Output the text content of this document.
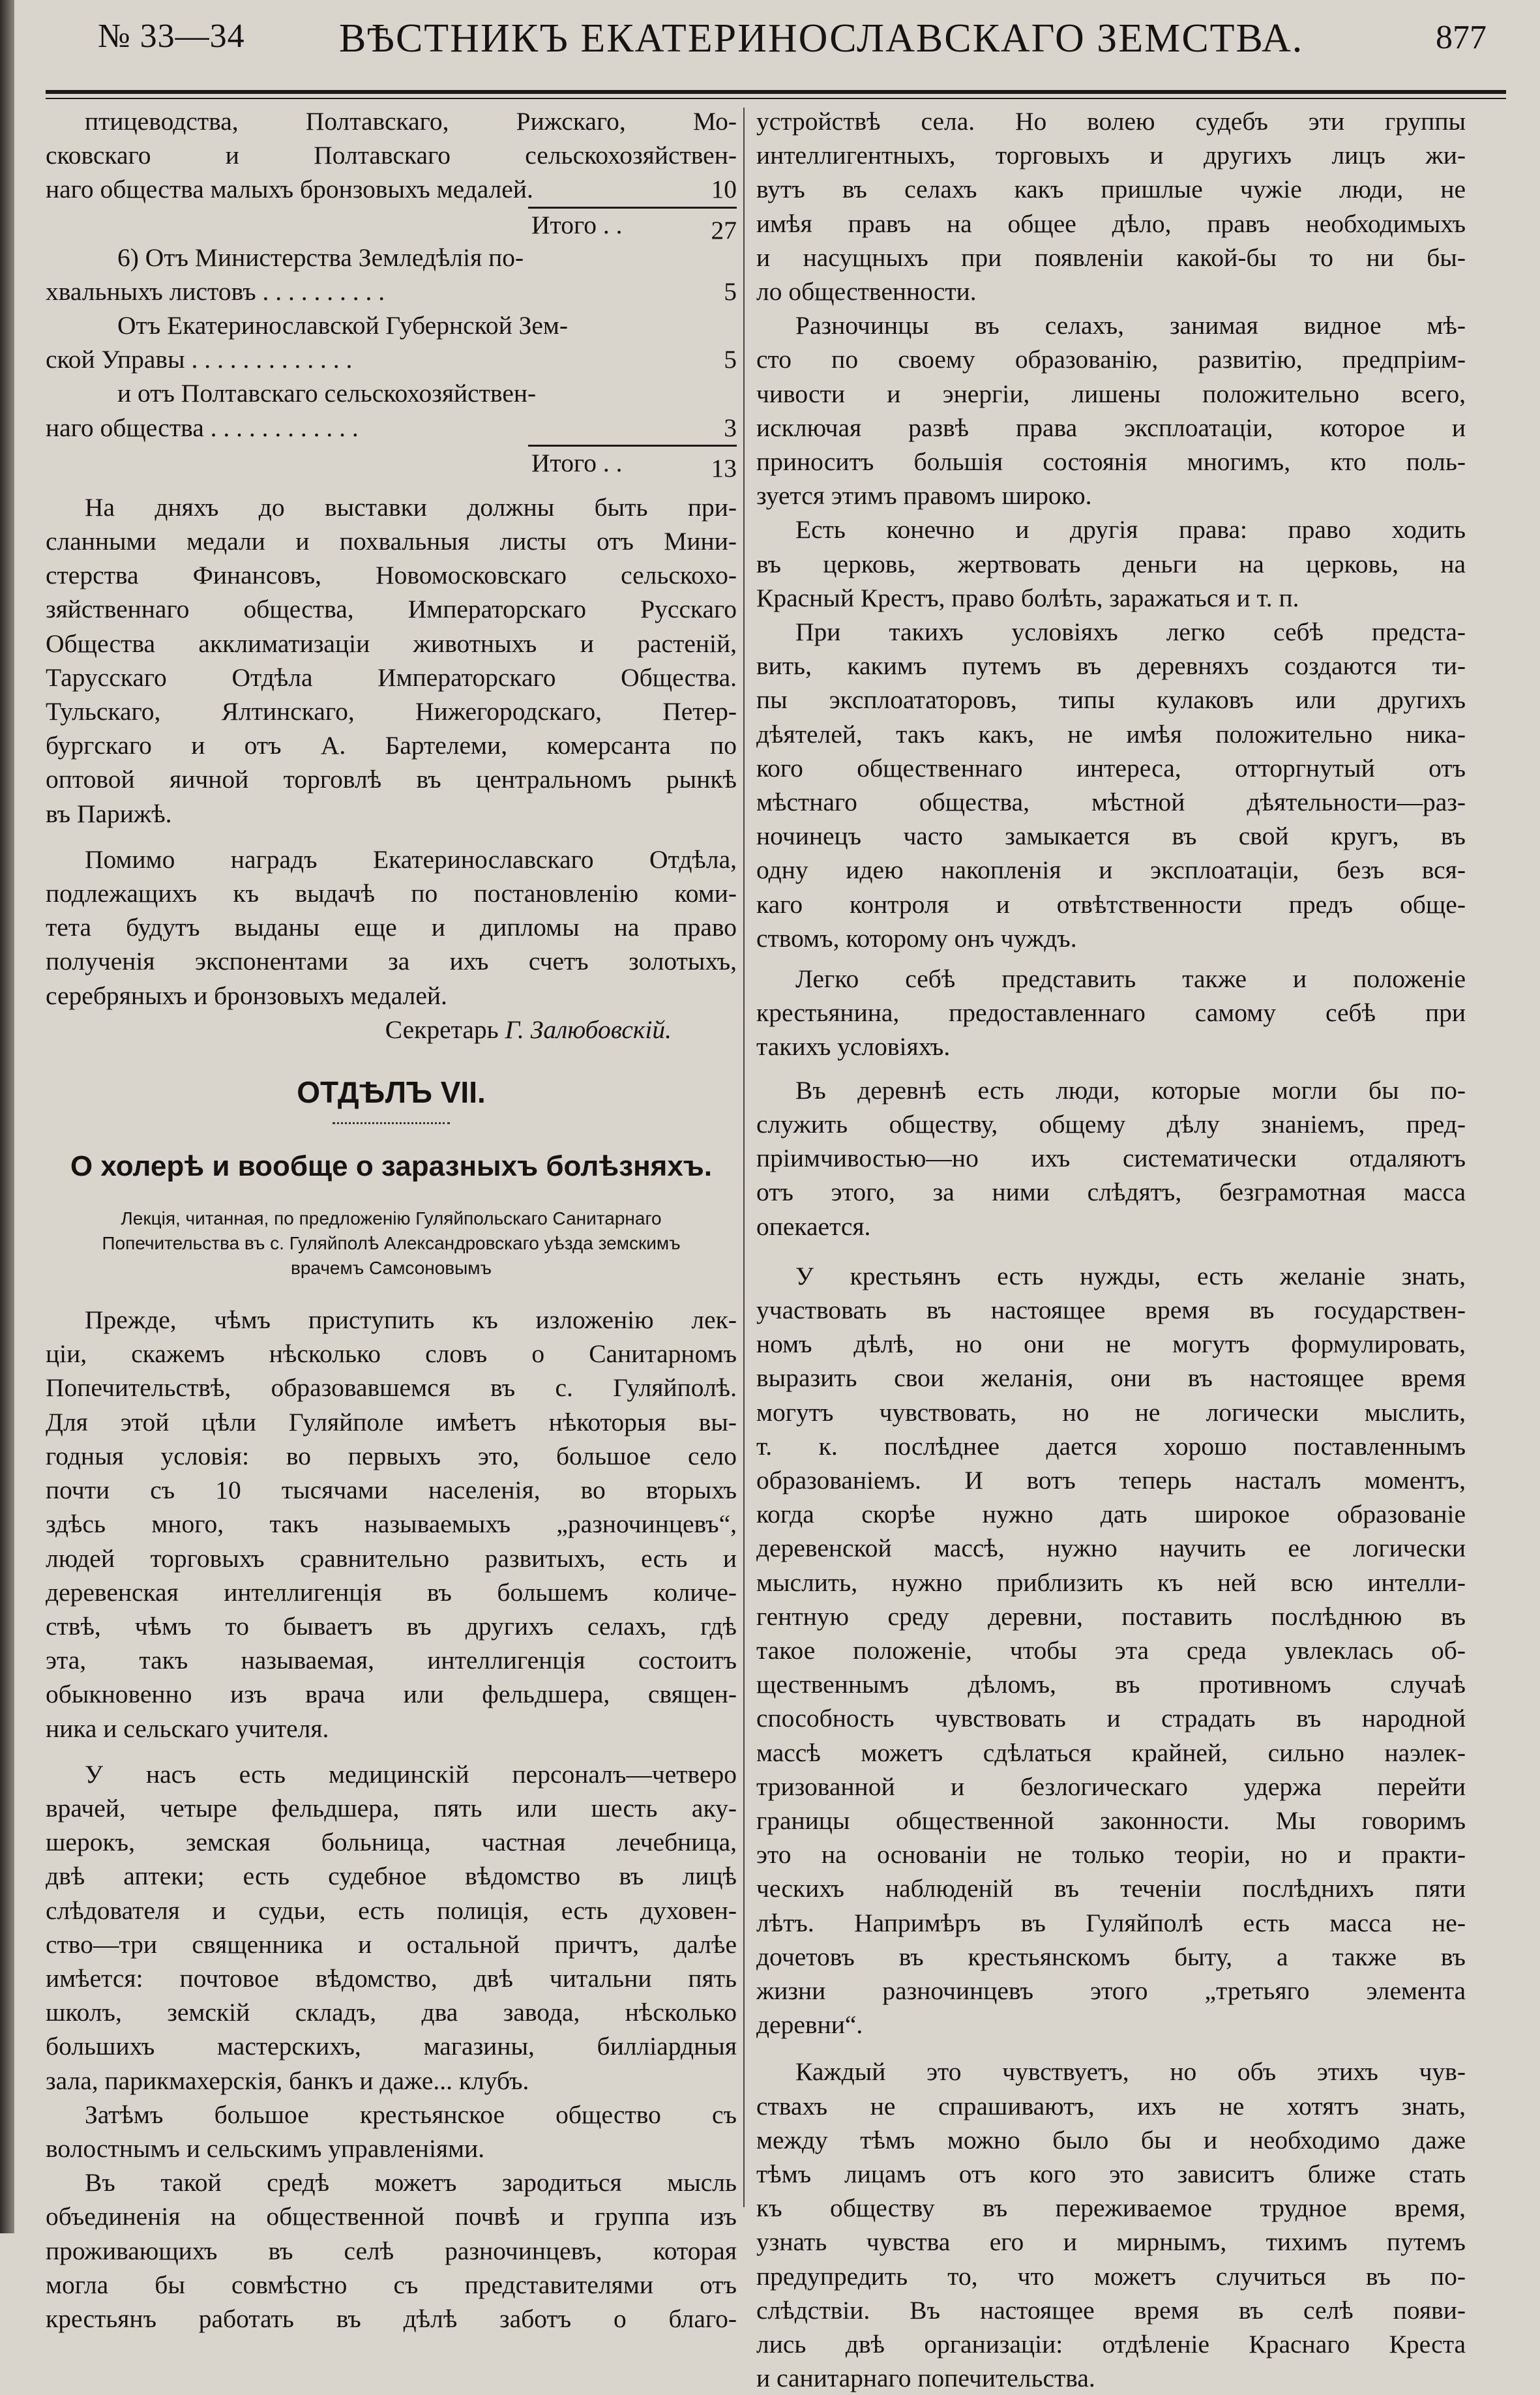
№ 33—34 ВѢСТНИКЪ ЕКАТЕРИНОСЛАВСКАГО ЗЕМСТВА.	877
птицеводства, Полтавскаго, Рижскаго, Мо-
сковскаго и Полтавскаго сельскохозяйствен-
наго общества малыхъ бронзовыхъ медалей.	10
Итого . .	27
6) Отъ Министерства Земледѣлія по-
хвальныхъ листовъ . . . . . . . . . .	5
Отъ Екатеринославской Губернской Зем-
ской Управы . . . . . . . . . . . . .	5
и отъ Полтавскаго сельскохозяйствен-
наго общества . . . . . . . . . . . .	3
Итого . .	13
На дняхъ до выставки должны быть при-
сланными медали и похвальныя листы отъ Мини-
стерства Финансовъ, Новомосковскаго сельскохо-
зяйственнаго общества, Императорскаго Русскаго
Общества акклиматизаціи животныхъ и растеній,
Тарусскаго Отдѣла Императорскаго Общества.
Тульскаго, Ялтинскаго, Нижегородскаго, Петер-
бургскаго и отъ А. Бартелеми, комерсанта по
оптовой яичной торговлѣ въ центральномъ рынкѣ
въ Парижѣ.
Помимо наградъ Екатеринославскаго Отдѣла,
подлежащихъ къ выдачѣ по постановленію коми-
тета будутъ выданы еще и дипломы на право
полученія экспонентами за ихъ счетъ золотыхъ,
серебряныхъ и бронзовыхъ медалей.
Секретарь Г. Залюбовскій.
ОТДѢЛЪ VII.
О холерѣ и вообще о заразныхъ болѣзняхъ.
Лекція, читанная, по предложенію Гуляйпольскаго Санитарнаго
Попечительства въ с. Гуляйполѣ Александровскаго уѣзда земскимъ
врачемъ Самсоновымъ
Прежде, чѣмъ приступить къ изложенію лек-
ціи, скажемъ нѣсколько словъ о Санитарномъ
Попечительствѣ, образовавшемся въ с. Гуляйполѣ.
Для этой цѣли Гуляйполе имѣетъ нѣкоторыя вы-
годныя условія: во первыхъ это, большое село
почти съ 10 тысячами населенія, во вторыхъ
здѣсь много, такъ называемыхъ „разночинцевъ“,
людей торговыхъ сравнительно развитыхъ, есть и
деревенская интеллигенція въ большемъ количе-
ствѣ, чѣмъ то бываетъ въ другихъ селахъ, гдѣ
эта, такъ называемая, интеллигенція состоитъ
обыкновенно изъ врача или фельдшера, священ-
ника и сельскаго учителя.
У насъ есть медицинскій персоналъ—четверо
врачей, четыре фельдшера, пять или шесть аку-
шерокъ, земская больница, частная лечебница,
двѣ аптеки; есть судебное вѣдомство въ лицѣ
слѣдователя и судьи, есть полиція, есть духовен-
ство—три священника и остальной причтъ, далѣе
имѣется: почтовое вѣдомство, двѣ читальни пять
школъ, земскій складъ, два завода, нѣсколько
большихъ мастерскихъ, магазины, билліардныя
зала, парикмахерскія, банкъ и даже... клубъ.
Затѣмъ большое крестьянское общество съ
волостнымъ и сельскимъ управленіями.
Въ такой средѣ можетъ зародиться мысль
объединенія на общественной почвѣ и группа изъ
проживающихъ въ селѣ разночинцевъ, которая
могла бы совмѣстно съ представителями отъ
крестьянъ работать въ дѣлѣ заботъ о благо-
устройствѣ села. Но волею судебъ эти группы
интеллигентныхъ, торговыхъ и другихъ лицъ жи-
вутъ въ селахъ какъ пришлые чужіе люди, не
имѣя правъ на общее дѣло, правъ необходимыхъ
и насущныхъ при появленіи какой-бы то ни бы-
ло общественности.
Разночинцы въ селахъ, занимая видное мѣ-
сто по своему образованію, развитію, предпріим-
чивости и энергіи, лишены положительно всего,
исключая развѣ права эксплоатаціи, которое и
приноситъ большія состоянія многимъ, кто поль-
зуется этимъ правомъ широко.
Есть конечно и другія права: право ходить
въ церковь, жертвовать деньги на церковь, на
Красный Крестъ, право болѣть, заражаться и т. п.
При такихъ условіяхъ легко себѣ предста-
вить, какимъ путемъ въ деревняхъ создаются ти-
пы эксплоататоровъ, типы кулаковъ или другихъ
дѣятелей, такъ какъ, не имѣя положительно ника-
кого общественнаго интереса, отторгнутый отъ
мѣстнаго общества, мѣстной дѣятельности—раз-
ночинецъ часто замыкается въ свой кругъ, въ
одну идею накопленія и эксплоатаціи, безъ вся-
каго контроля и отвѣтственности предъ обще-
ствомъ, которому онъ чуждъ.
Легко себѣ представить также и положеніе
крестьянина, предоставленнаго самому себѣ при
такихъ условіяхъ.
Въ деревнѣ есть люди, которые могли бы по-
служить обществу, общему дѣлу знаніемъ, пред-
пріимчивостью—но ихъ систематически отдаляютъ
отъ этого, за ними слѣдятъ, безграмотная масса
опекается.
У крестьянъ есть нужды, есть желаніе знать,
участвовать въ настоящее время въ государствен-
номъ дѣлѣ, но они не могутъ формулировать,
выразить свои желанія, они въ настоящее время
могутъ чувствовать, но не логически мыслить,
т. к. послѣднее дается хорошо поставленнымъ
образованіемъ. И вотъ теперь насталъ моментъ,
когда скорѣе нужно дать широкое образованіе
деревенской массѣ, нужно научить ее логически
мыслить, нужно приблизить къ ней всю интелли-
гентную среду деревни, поставить послѣднюю въ
такое положеніе, чтобы эта среда увлеклась об-
щественнымъ дѣломъ, въ противномъ случаѣ
способность чувствовать и страдать въ народной
массѣ можетъ сдѣлаться крайней, сильно наэлек-
тризованной и безлогическаго удержа перейти
границы общественной законности. Мы говоримъ
это на основаніи не только теоріи, но и практи-
ческихъ наблюденій въ теченіи послѣднихъ пяти
лѣтъ. Напримѣръ въ Гуляйполѣ есть масса не-
дочетовъ въ крестьянскомъ быту, а также въ
жизни разночинцевъ этого „третьяго элемента
деревни“.
Каждый это чувствуетъ, но объ этихъ чув-
ствахъ не спрашиваютъ, ихъ не хотятъ знать,
между тѣмъ можно было бы и необходимо даже
тѣмъ лицамъ отъ кого это зависитъ ближе стать
къ обществу въ переживаемое трудное время,
узнать чувства его и мирнымъ, тихимъ путемъ
предупредить то, что можетъ случиться въ по-
слѣдствіи. Въ настоящее время въ селѣ появи-
лись двѣ организаціи: отдѣленіе Краснаго Креста
и санитарнаго попечительства.
